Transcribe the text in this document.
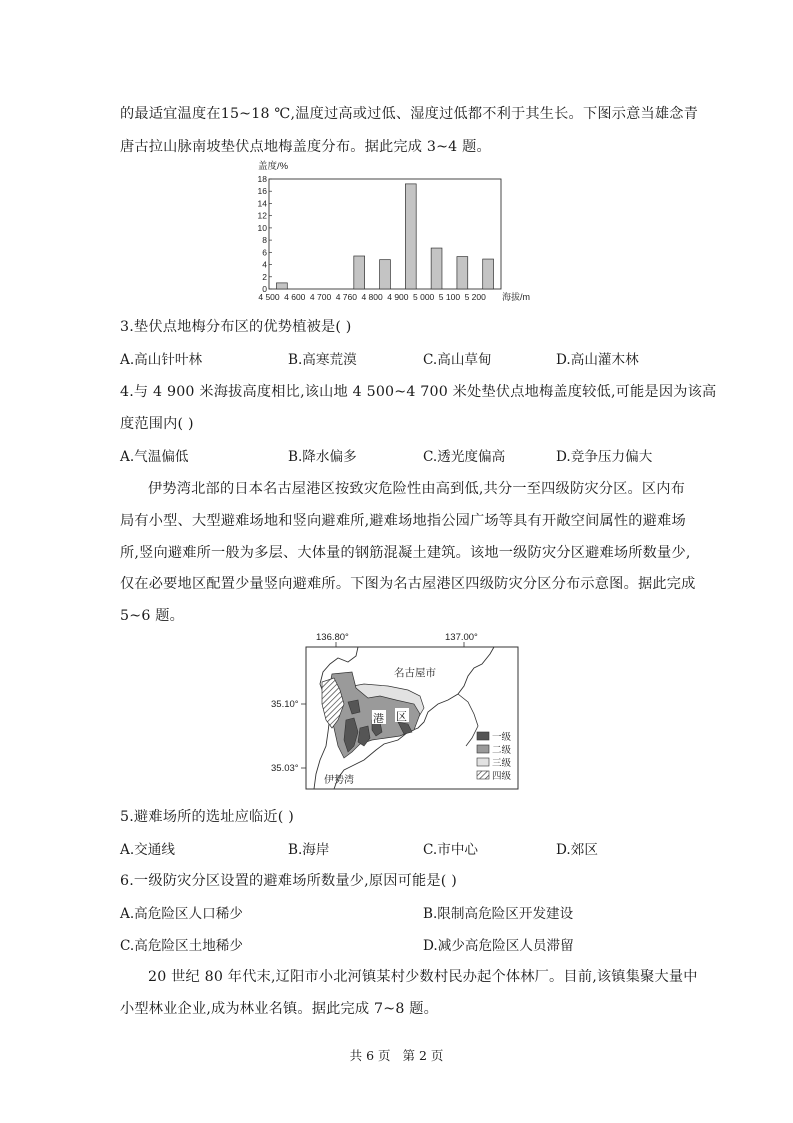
的最适宜温度在15~18 ℃,温度过高或过低、湿度过低都不利于其生长。下图示意当雄念青
唐古拉山脉南坡垫伏点地梅盖度分布。据此完成 3~4 题。
盖度/%
0
2
4
6
8
10
12
14
16
18
4 500 4 600 4 700 4 760 4 800 4 900 5 000 5 100 5 200 海拔/m
3.垫伏点地梅分布区的优势植被是( )
A.高山针叶林	B.高寒荒漠	C.高山草甸	D.高山灌木林
4.与 4 900 米海拔高度相比,该山地 4 500~4 700 米处垫伏点地梅盖度较低,可能是因为该高
度范围内( )
A.气温偏低	B.降水偏多	C.透光度偏高	D.竞争压力偏大
伊势湾北部的日本名古屋港区按致灾危险性由高到低,共分一至四级防灾分区。区内布
局有小型、大型避难场地和竖向避难所,避难场地指公园广场等具有开敞空间属性的避难场
所,竖向避难所一般为多层、大体量的钢筋混凝土建筑。该地一级防灾分区避难场所数量少,
仅在必要地区配置少量竖向避难所。下图为名古屋港区四级防灾分区分布示意图。据此完成
5~6 题。
136.80°	137.00°
35.10°
35.03°
名古屋市
港 区
伊势湾
一级
二级
三级
四级
5.避难场所的选址应临近( )
A.交通线	B.海岸	C.市中心	D.郊区
6.一级防灾分区设置的避难场所数量少,原因可能是( )
A.高危险区人口稀少	B.限制高危险区开发建设
C.高危险区土地稀少	D.减少高危险区人员滞留
20 世纪 80 年代末,辽阳市小北河镇某村少数村民办起个体林厂。目前,该镇集聚大量中
小型林业企业,成为林业名镇。据此完成 7~8 题。
共 6 页 第 2 页
